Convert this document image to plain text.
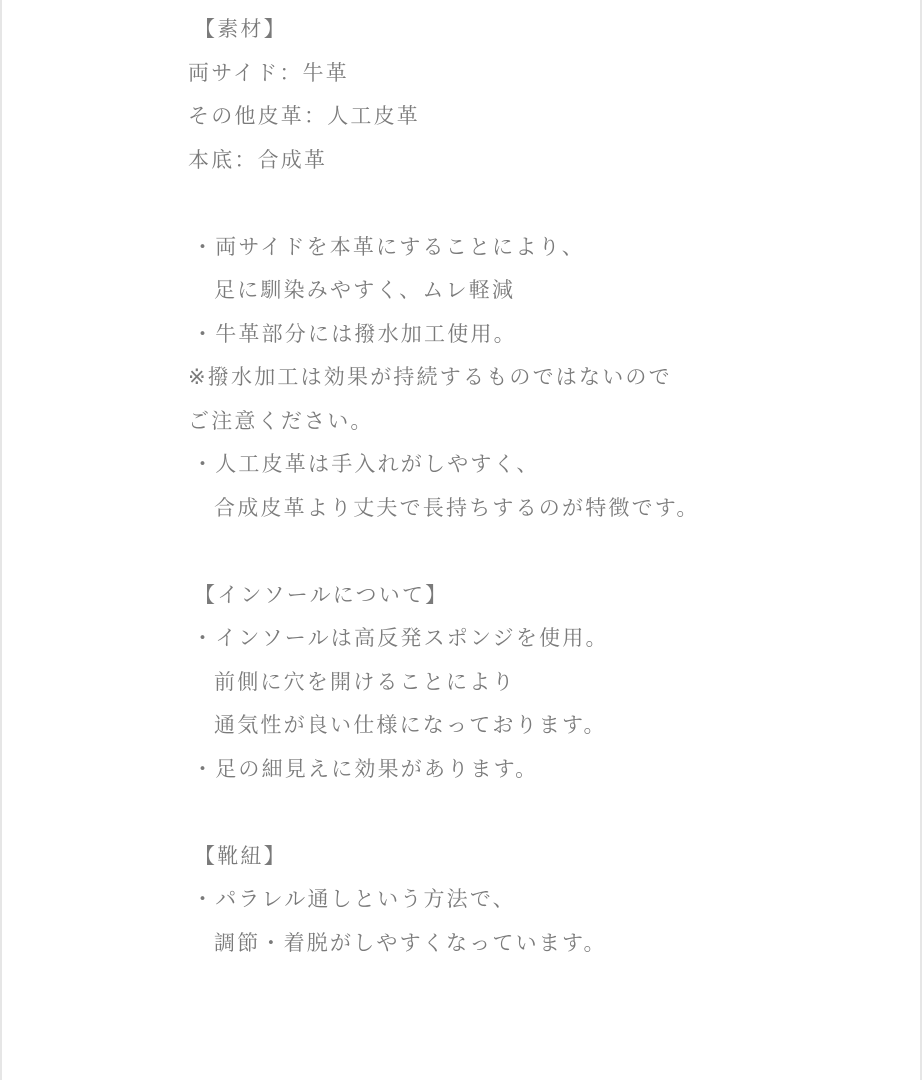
【素材】
両サイド：牛革
その他皮革：人工皮革
本底：合成革
・両サイドを本革にすることにより、
足に馴染みやすく、ムレ軽減
・牛革部分には撥水加工使用。
※撥水加工は効果が持続するものではないので
ご注意ください。
・人工皮革は手入れがしやすく、
合成皮革より丈夫で長持ちするのが特徴です。
【インソールについて】
・インソールは高反発スポンジを使用。
前側に穴を開けることにより
通気性が良い仕様になっております。
・足の細見えに効果があります。
【靴紐】
・パラレル通しという方法で、
調節・着脱がしやすくなっています。
